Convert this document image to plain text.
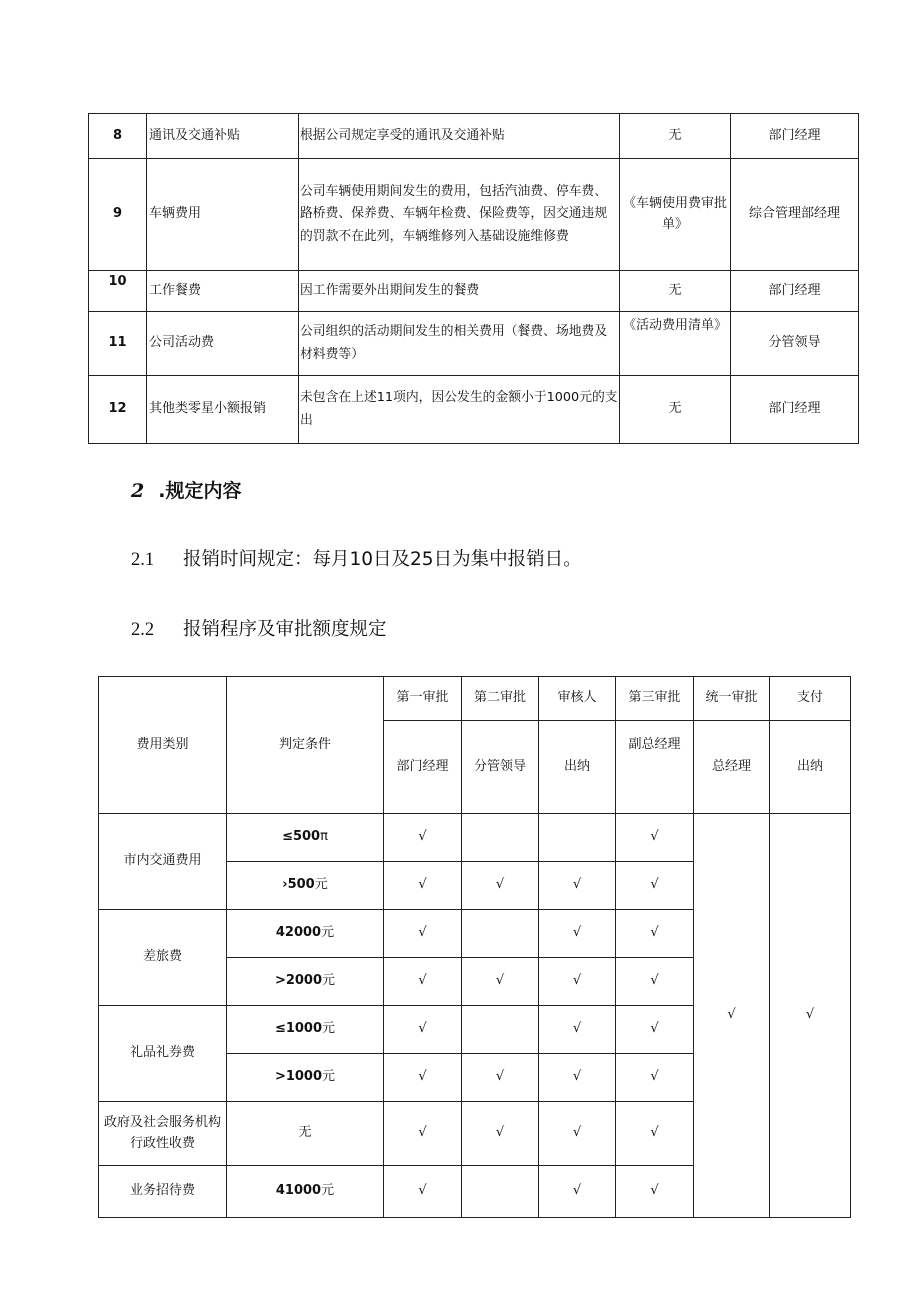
8	通讯及交通补贴	根据公司规定享受的通讯及交通补贴	无	部门经理
9	车辆费用	公司车辆使用期间发生的费用，包括汽油费、停车费、路桥费、保养费、车辆年检费、保险费等，因交通违规的罚款不在此列，车辆维修列入基础设施维修费	《车辆使用费审批单》	综合管理部经理
10	工作餐费	因工作需要外出期间发生的餐费	无	部门经理
11	公司活动费	公司组织的活动期间发生的相关费用（餐费、场地费及材料费等）	《活动费用清单》	分管领导
12	其他类零星小额报销	未包含在上述11项内，因公发生的金额小于1000元的支出	无	部门经理
2 .规定内容
2.1 报销时间规定：每月10日及25日为集中报销日。
2.2 报销程序及审批额度规定
费用类别	判定条件	第一审批	第二审批	审核人	第三审批	统一审批	支付
		部门经理	分管领导	出纳	副总经理	总经理	出纳
市内交通费用	≤500π	√			√	√	√
	›500元	√	√	√	√		
差旅费	42000元	√		√	√		
	>2000元	√	√	√	√		
礼品礼券费	≤1000元	√		√	√		
	>1000元	√	√	√	√		
政府及社会服务机构行政性收费	无	√	√	√	√		
业务招待费	41000元	√		√	√		
